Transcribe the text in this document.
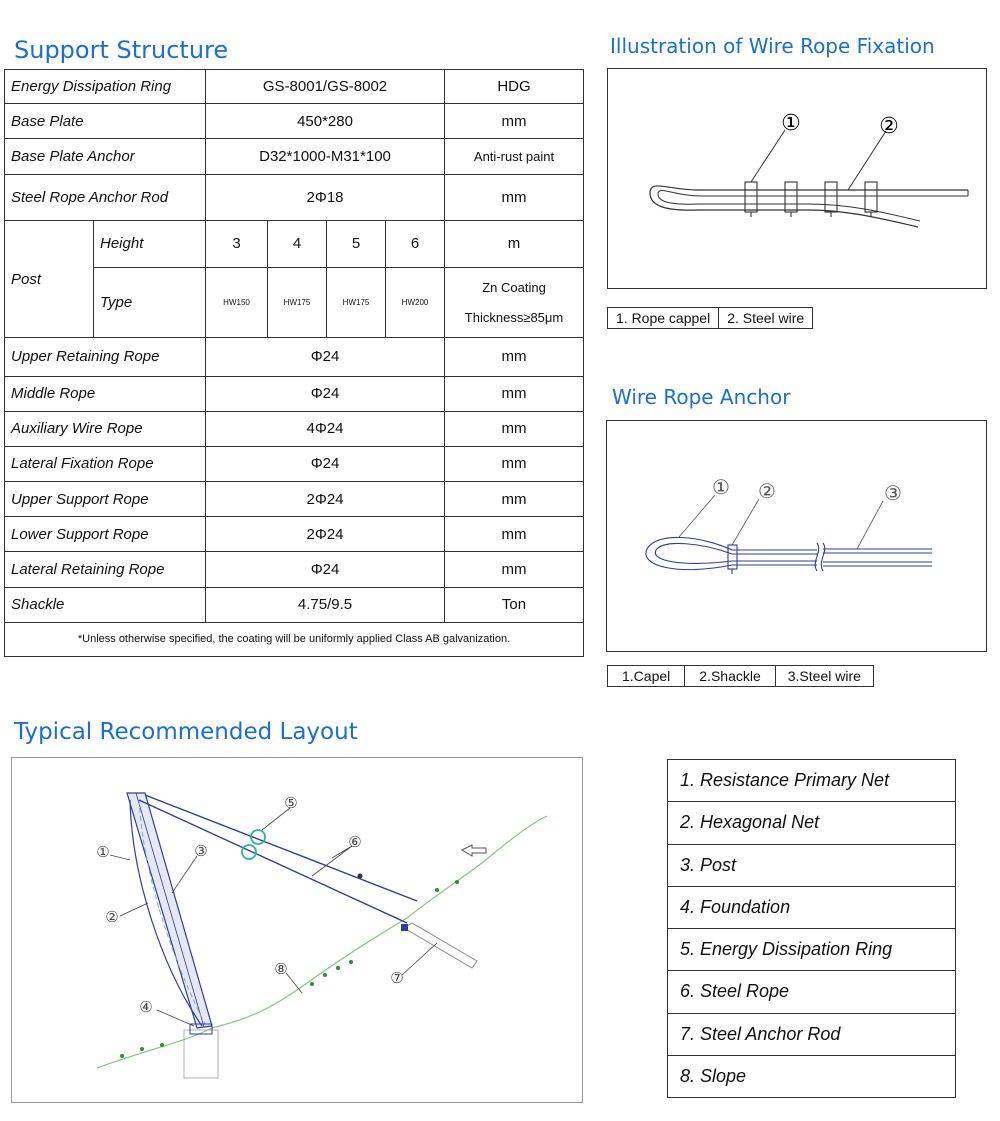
Support Structure	Illustration of Wire Rope Fixation
Wire Rope Anchor
Typical Recommended Layout
Energy Dissipation Ring		GS-8001/GS-8002				HDG
Base Plate		450*280				mm
Base Plate Anchor		D32*1000-M31*100				Anti-rust paint
Steel Rope Anchor Rod		2Φ18				mm
Post	Height	3	4	5	6	m
	Type	HW150	HW175	HW175	HW200	Zn Coating
Thickness≥85μm

Upper Retaining Rope		Φ24				mm
Middle Rope		Φ24				mm
Auxiliary Wire Rope		4Φ24				mm
Lateral Fixation Rope		Φ24				mm
Upper Support Rope		2Φ24				mm
Lower Support Rope		2Φ24				mm
Lateral Retaining Rope		Φ24				mm
Shackle		4.75/9.5				Ton
*Unless otherwise specified, the coating will be uniformly applied Class AB galvanization.						
①	②
1. Rope cappel	2. Steel wire
① ②	③
1.Capel	2.Shackle	3.Steel wire
①
②
③
④
⑤
⑥
⑦
⑧
1. Resistance Primary Net
2. Hexagonal Net
3. Post
4. Foundation
5. Energy Dissipation Ring
6. Steel Rope
7. Steel Anchor Rod
8. Slope
